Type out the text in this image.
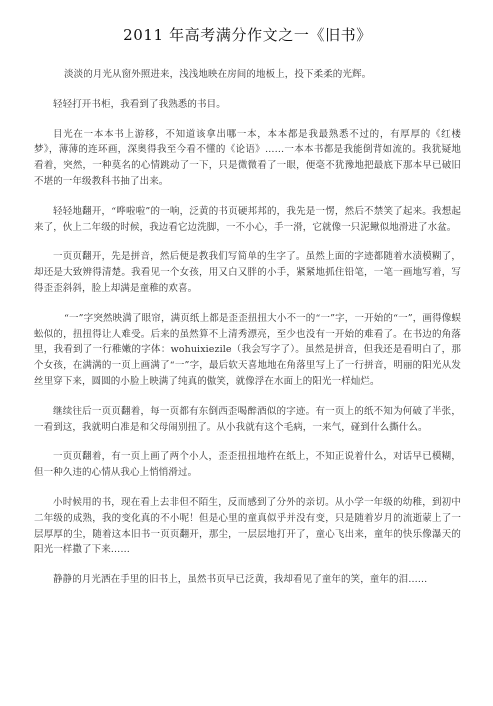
2011 年高考满分作文之一《旧书》

淡淡的月光从窗外照进来，浅浅地映在房间的地板上，投下柔柔的光辉。

轻轻打开书柜，我看到了我熟悉的书目。

目光在一本本书上游移，不知道该拿出哪一本，本本都是我最熟悉不过的，有厚厚的《红楼梦》，薄薄的连环画，深奥得我至今看不懂的《论语》……一本本书都是我能倒背如流的。我犹疑地看着，突然，一种莫名的心情跳动了一下，只是微微看了一眼，便毫不犹豫地把最底下那本早已破旧不堪的一年级教科书抽了出来。

轻轻地翻开，“哗啦啦”的一响，泛黄的书页硬邦邦的，我先是一愣，然后不禁笑了起来。我想起来了，伙上二年级的时候，我边看它边洗脚，一不小心，手一滑，它就像一只泥鳅似地滑进了水盆。

一页页翻开，先是拼音，然后便是教我们写简单的生字了。虽然上面的字迹都随着水渍模糊了，却还是大致辨得清楚。我看见一个女孩，用又白又胖的小手，紧紧地抓住铅笔，一笔一画地写着，写得歪歪斜斜，脸上却满是童稚的欢喜。

“一”字突然映満了眼帘，满页纸上都是歪歪扭扭大小不一的“一”字，一开始的“一”，画得像蜈蚣似的，扭扭得让人难受。后来的虽然算不上清秀漂亮，至少也没有一开始的难看了。在书边的角落里，我看到了一行稚嫩的字体：wohuixiezile（我会写字了）。虽然是拼音，但我还是看明白了，那个女孩，在满满的一页上画满了“一”字，最后软天喜地地在角落里写上了一行拼音，明丽的阳光从发丝里穿下来，圆圆的小脸上映满了纯真的傲笑，就像浮在水面上的阳光一样灿烂。

继续往后一页页翻着，每一页都有东倒西歪喝醉酒似的字迹。有一页上的纸不知为何破了半张，一看到这，我就明白准是和父母闹别扭了。从小我就有这个毛病，一来气，碰到什么撕什么。

一页页翻着，有一页上画了两个小人，歪歪扭扭地杵在纸上，不知正说着什么，对话早已模糊，但一种久违的心情从我心上悄悄滑过。

小时候用的书，现在看上去非但不陌生，反而感到了分外的亲切。从小学一年级的幼稚，到初中二年级的成熟，我的变化真的不小呢！但是心里的童真似乎并没有变，只是随着岁月的流逝蒙上了一层厚厚的尘，随着这本旧书一页页翻开，那尘，一层层地打开了，童心飞出来，童年的快乐像瀑天的阳光一样撒了下来……

静静的月光洒在手里的旧书上，虽然书页早已泛黄，我却看见了童年的笑，童年的泪……
